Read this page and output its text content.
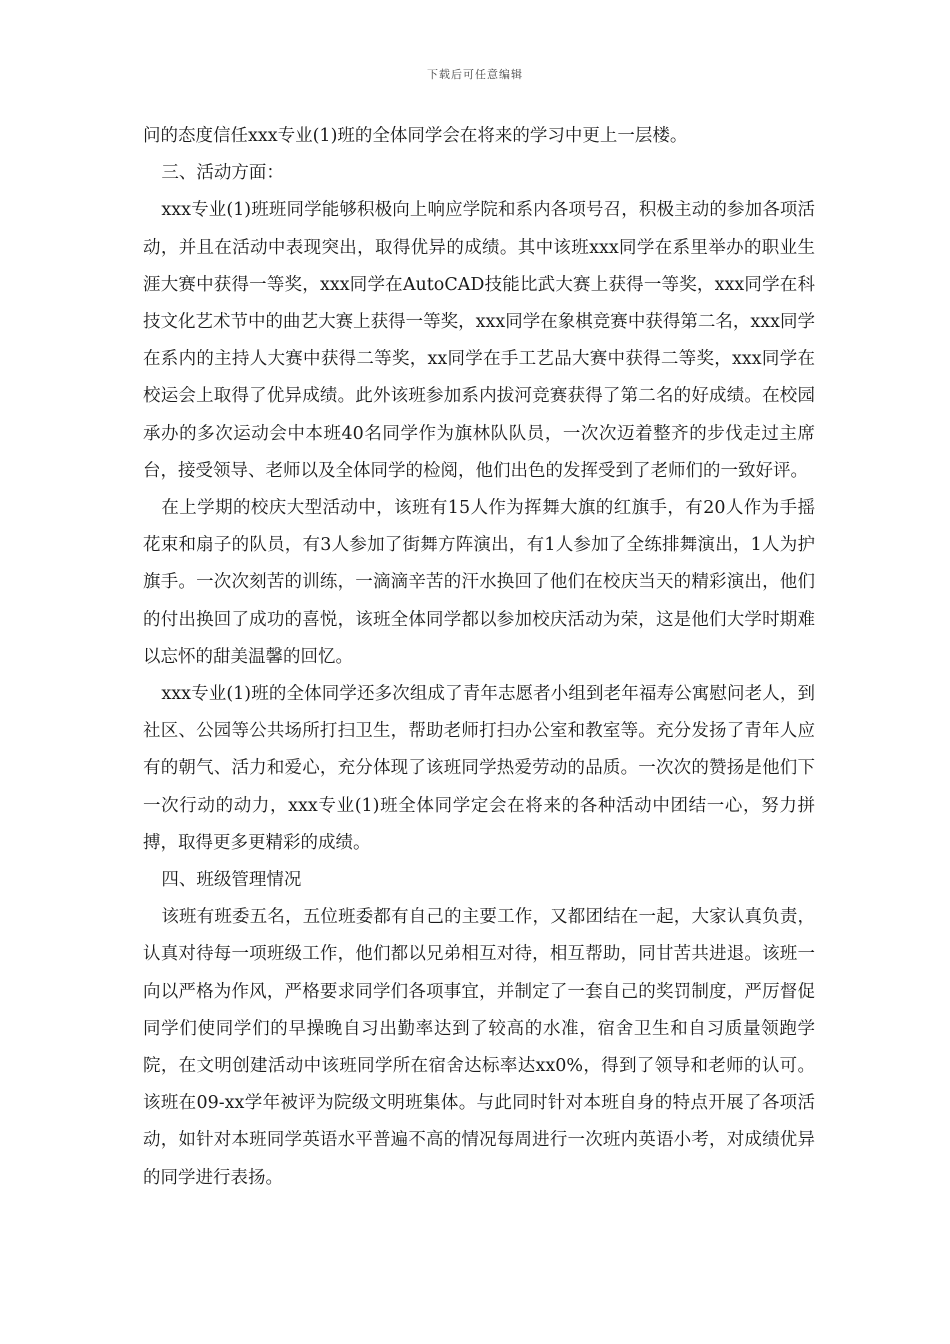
下载后可任意编辑

问的态度信任xxx专业(1)班的全体同学会在将来的学习中更上一层楼。

三、活动方面：

xxx专业(1)班班同学能够积极向上响应学院和系内各项号召，积极主动的参加各项活动，并且在活动中表现突出，取得优异的成绩。其中该班xxx同学在系里举办的职业生涯大赛中获得一等奖，xxx同学在AutoCAD技能比武大赛上获得一等奖，xxx同学在科技文化艺术节中的曲艺大赛上获得一等奖，xxx同学在象棋竞赛中获得第二名，xxx同学在系内的主持人大赛中获得二等奖，xx同学在手工艺品大赛中获得二等奖，xxx同学在校运会上取得了优异成绩。此外该班参加系内拔河竞赛获得了第二名的好成绩。在校园承办的多次运动会中本班40名同学作为旗林队队员，一次次迈着整齐的步伐走过主席台，接受领导、老师以及全体同学的检阅，他们出色的发挥受到了老师们的一致好评。

在上学期的校庆大型活动中，该班有15人作为挥舞大旗的红旗手，有20人作为手摇花束和扇子的队员，有3人参加了街舞方阵演出，有1人参加了全练排舞演出，1人为护旗手。一次次刻苦的训练，一滴滴辛苦的汗水换回了他们在校庆当天的精彩演出，他们的付出换回了成功的喜悦，该班全体同学都以参加校庆活动为荣，这是他们大学时期难以忘怀的甜美温馨的回忆。

xxx专业(1)班的全体同学还多次组成了青年志愿者小组到老年福寿公寓慰问老人，到社区、公园等公共场所打扫卫生，帮助老师打扫办公室和教室等。充分发扬了青年人应有的朝气、活力和爱心，充分体现了该班同学热爱劳动的品质。一次次的赞扬是他们下一次行动的动力，xxx专业(1)班全体同学定会在将来的各种活动中团结一心，努力拼搏，取得更多更精彩的成绩。

四、班级管理情况

该班有班委五名，五位班委都有自己的主要工作，又都团结在一起，大家认真负责，认真对待每一项班级工作，他们都以兄弟相互对待，相互帮助，同甘苦共进退。该班一向以严格为作风，严格要求同学们各项事宜，并制定了一套自己的奖罚制度，严厉督促同学们使同学们的早操晚自习出勤率达到了较高的水准，宿舍卫生和自习质量领跑学院，在文明创建活动中该班同学所在宿舍达标率达xx0%，得到了领导和老师的认可。该班在09-xx学年被评为院级文明班集体。与此同时针对本班自身的特点开展了各项活动，如针对本班同学英语水平普遍不高的情况每周进行一次班内英语小考，对成绩优异的同学进行表扬。
